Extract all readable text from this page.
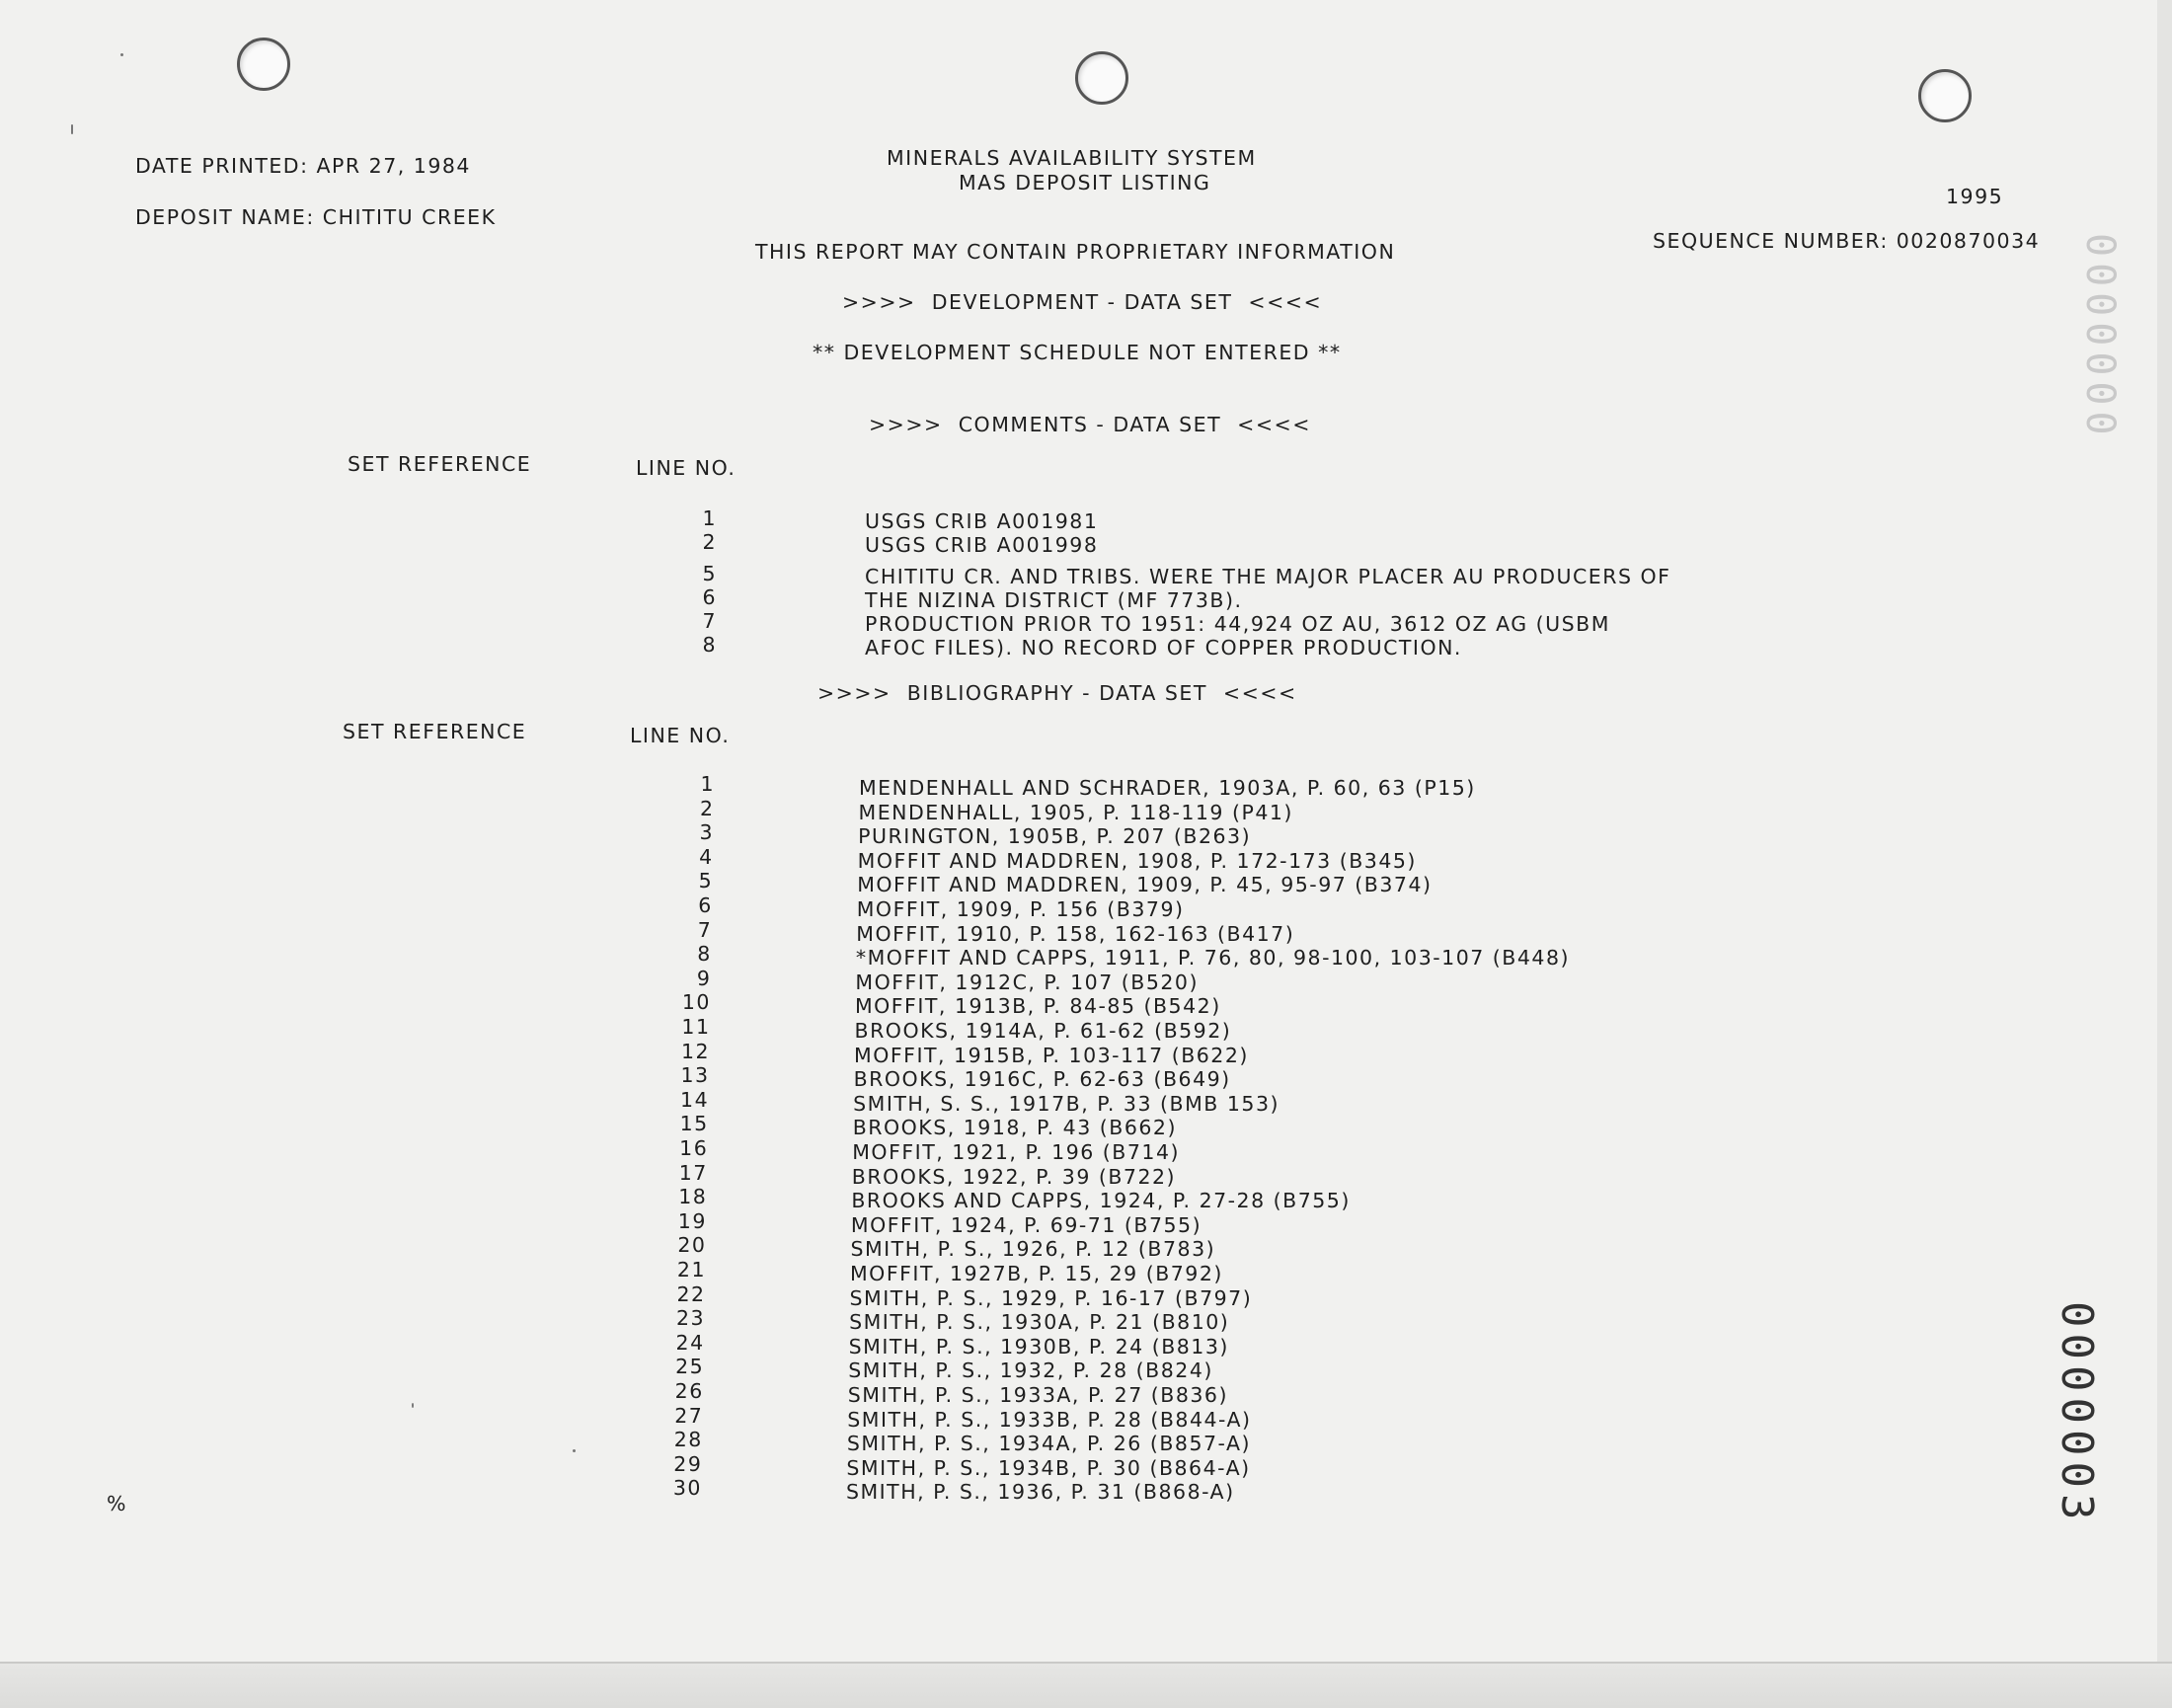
DATE PRINTED: APR 27, 1984
DEPOSIT NAME: CHITITU CREEK
MINERALS AVAILABILITY SYSTEM
MAS DEPOSIT LISTING
1995
SEQUENCE NUMBER: 0020870034
THIS REPORT MAY CONTAIN PROPRIETARY INFORMATION
>>>>  DEVELOPMENT - DATA SET  <<<<
** DEVELOPMENT SCHEDULE NOT ENTERED **
>>>>  COMMENTS - DATA SET  <<<<
SET REFERENCE	LINE NO.
1	USGS CRIB A001981
2	USGS CRIB A001998
5	CHITITU CR. AND TRIBS. WERE THE MAJOR PLACER AU PRODUCERS OF
6	THE NIZINA DISTRICT (MF 773B).
7	PRODUCTION PRIOR TO 1951: 44,924 OZ AU, 3612 OZ AG (USBM
8	AFOC FILES). NO RECORD OF COPPER PRODUCTION.
>>>>  BIBLIOGRAPHY - DATA SET  <<<<
SET REFERENCE	LINE NO.
1	MENDENHALL AND SCHRADER, 1903A, P. 60, 63 (P15)
2	MENDENHALL, 1905, P. 118-119 (P41)
3	PURINGTON, 1905B, P. 207 (B263)
4	MOFFIT AND MADDREN, 1908, P. 172-173 (B345)
5	MOFFIT AND MADDREN, 1909, P. 45, 95-97 (B374)
6	MOFFIT, 1909, P. 156 (B379)
7	MOFFIT, 1910, P. 158, 162-163 (B417)
8	*MOFFIT AND CAPPS, 1911, P. 76, 80, 98-100, 103-107 (B448)
9	MOFFIT, 1912C, P. 107 (B520)
10	MOFFIT, 1913B, P. 84-85 (B542)
11	BROOKS, 1914A, P. 61-62 (B592)
12	MOFFIT, 1915B, P. 103-117 (B622)
13	BROOKS, 1916C, P. 62-63 (B649)
14	SMITH, S. S., 1917B, P. 33 (BMB 153)
15	BROOKS, 1918, P. 43 (B662)
16	MOFFIT, 1921, P. 196 (B714)
17	BROOKS, 1922, P. 39 (B722)
18	BROOKS AND CAPPS, 1924, P. 27-28 (B755)
19	MOFFIT, 1924, P. 69-71 (B755)
20	SMITH, P. S., 1926, P. 12 (B783)
21	MOFFIT, 1927B, P. 15, 29 (B792)
22	SMITH, P. S., 1929, P. 16-17 (B797)
23	SMITH, P. S., 1930A, P. 21 (B810)
24	SMITH, P. S., 1930B, P. 24 (B813)
25	SMITH, P. S., 1932, P. 28 (B824)
26	SMITH, P. S., 1933A, P. 27 (B836)
27	SMITH, P. S., 1933B, P. 28 (B844-A)
28	SMITH, P. S., 1934A, P. 26 (B857-A)
29	SMITH, P. S., 1934B, P. 30 (B864-A)
30	SMITH, P. S., 1936, P. 31 (B868-A)
%
0000000
0000003
